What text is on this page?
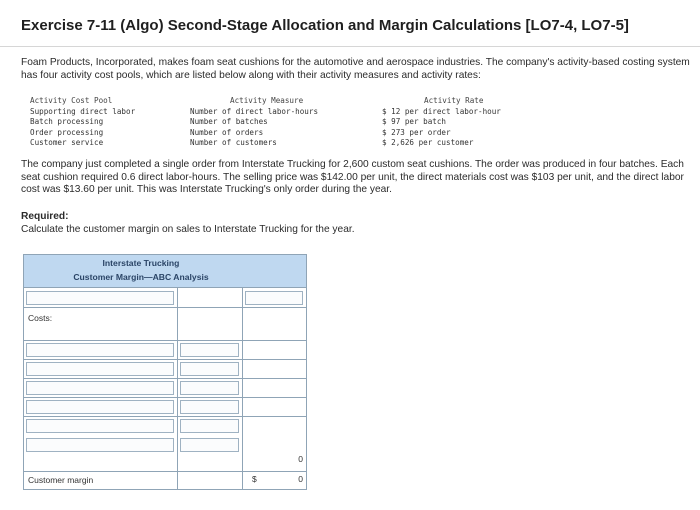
Exercise 7-11 (Algo) Second-Stage Allocation and Margin Calculations [LO7-4, LO7-5]
Foam Products, Incorporated, makes foam seat cushions for the automotive and aerospace industries. The company's activity-based costing system has four activity cost pools, which are listed below along with their activity measures and activity rates:
Activity Cost Pool	Activity Measure	Activity Rate
Supporting direct labor	Number of direct labor-hours	$ 12 per direct labor-hour
Batch processing	Number of batches	$ 97 per batch
Order processing	Number of orders	$ 273 per order
Customer service	Number of customers	$ 2,626 per customer
The company just completed a single order from Interstate Trucking for 2,600 custom seat cushions. The order was produced in four batches. Each seat cushion required 0.6 direct labor-hours. The selling price was $142.00 per unit, the direct materials cost was $103 per unit, and the direct labor cost was $13.60 per unit. This was Interstate Trucking's only order during the year.
Required:
Calculate the customer margin on sales to Interstate Trucking for the year.
Interstate Trucking
Customer Margin—ABC Analysis
Costs:
0
Customer margin	$	0
